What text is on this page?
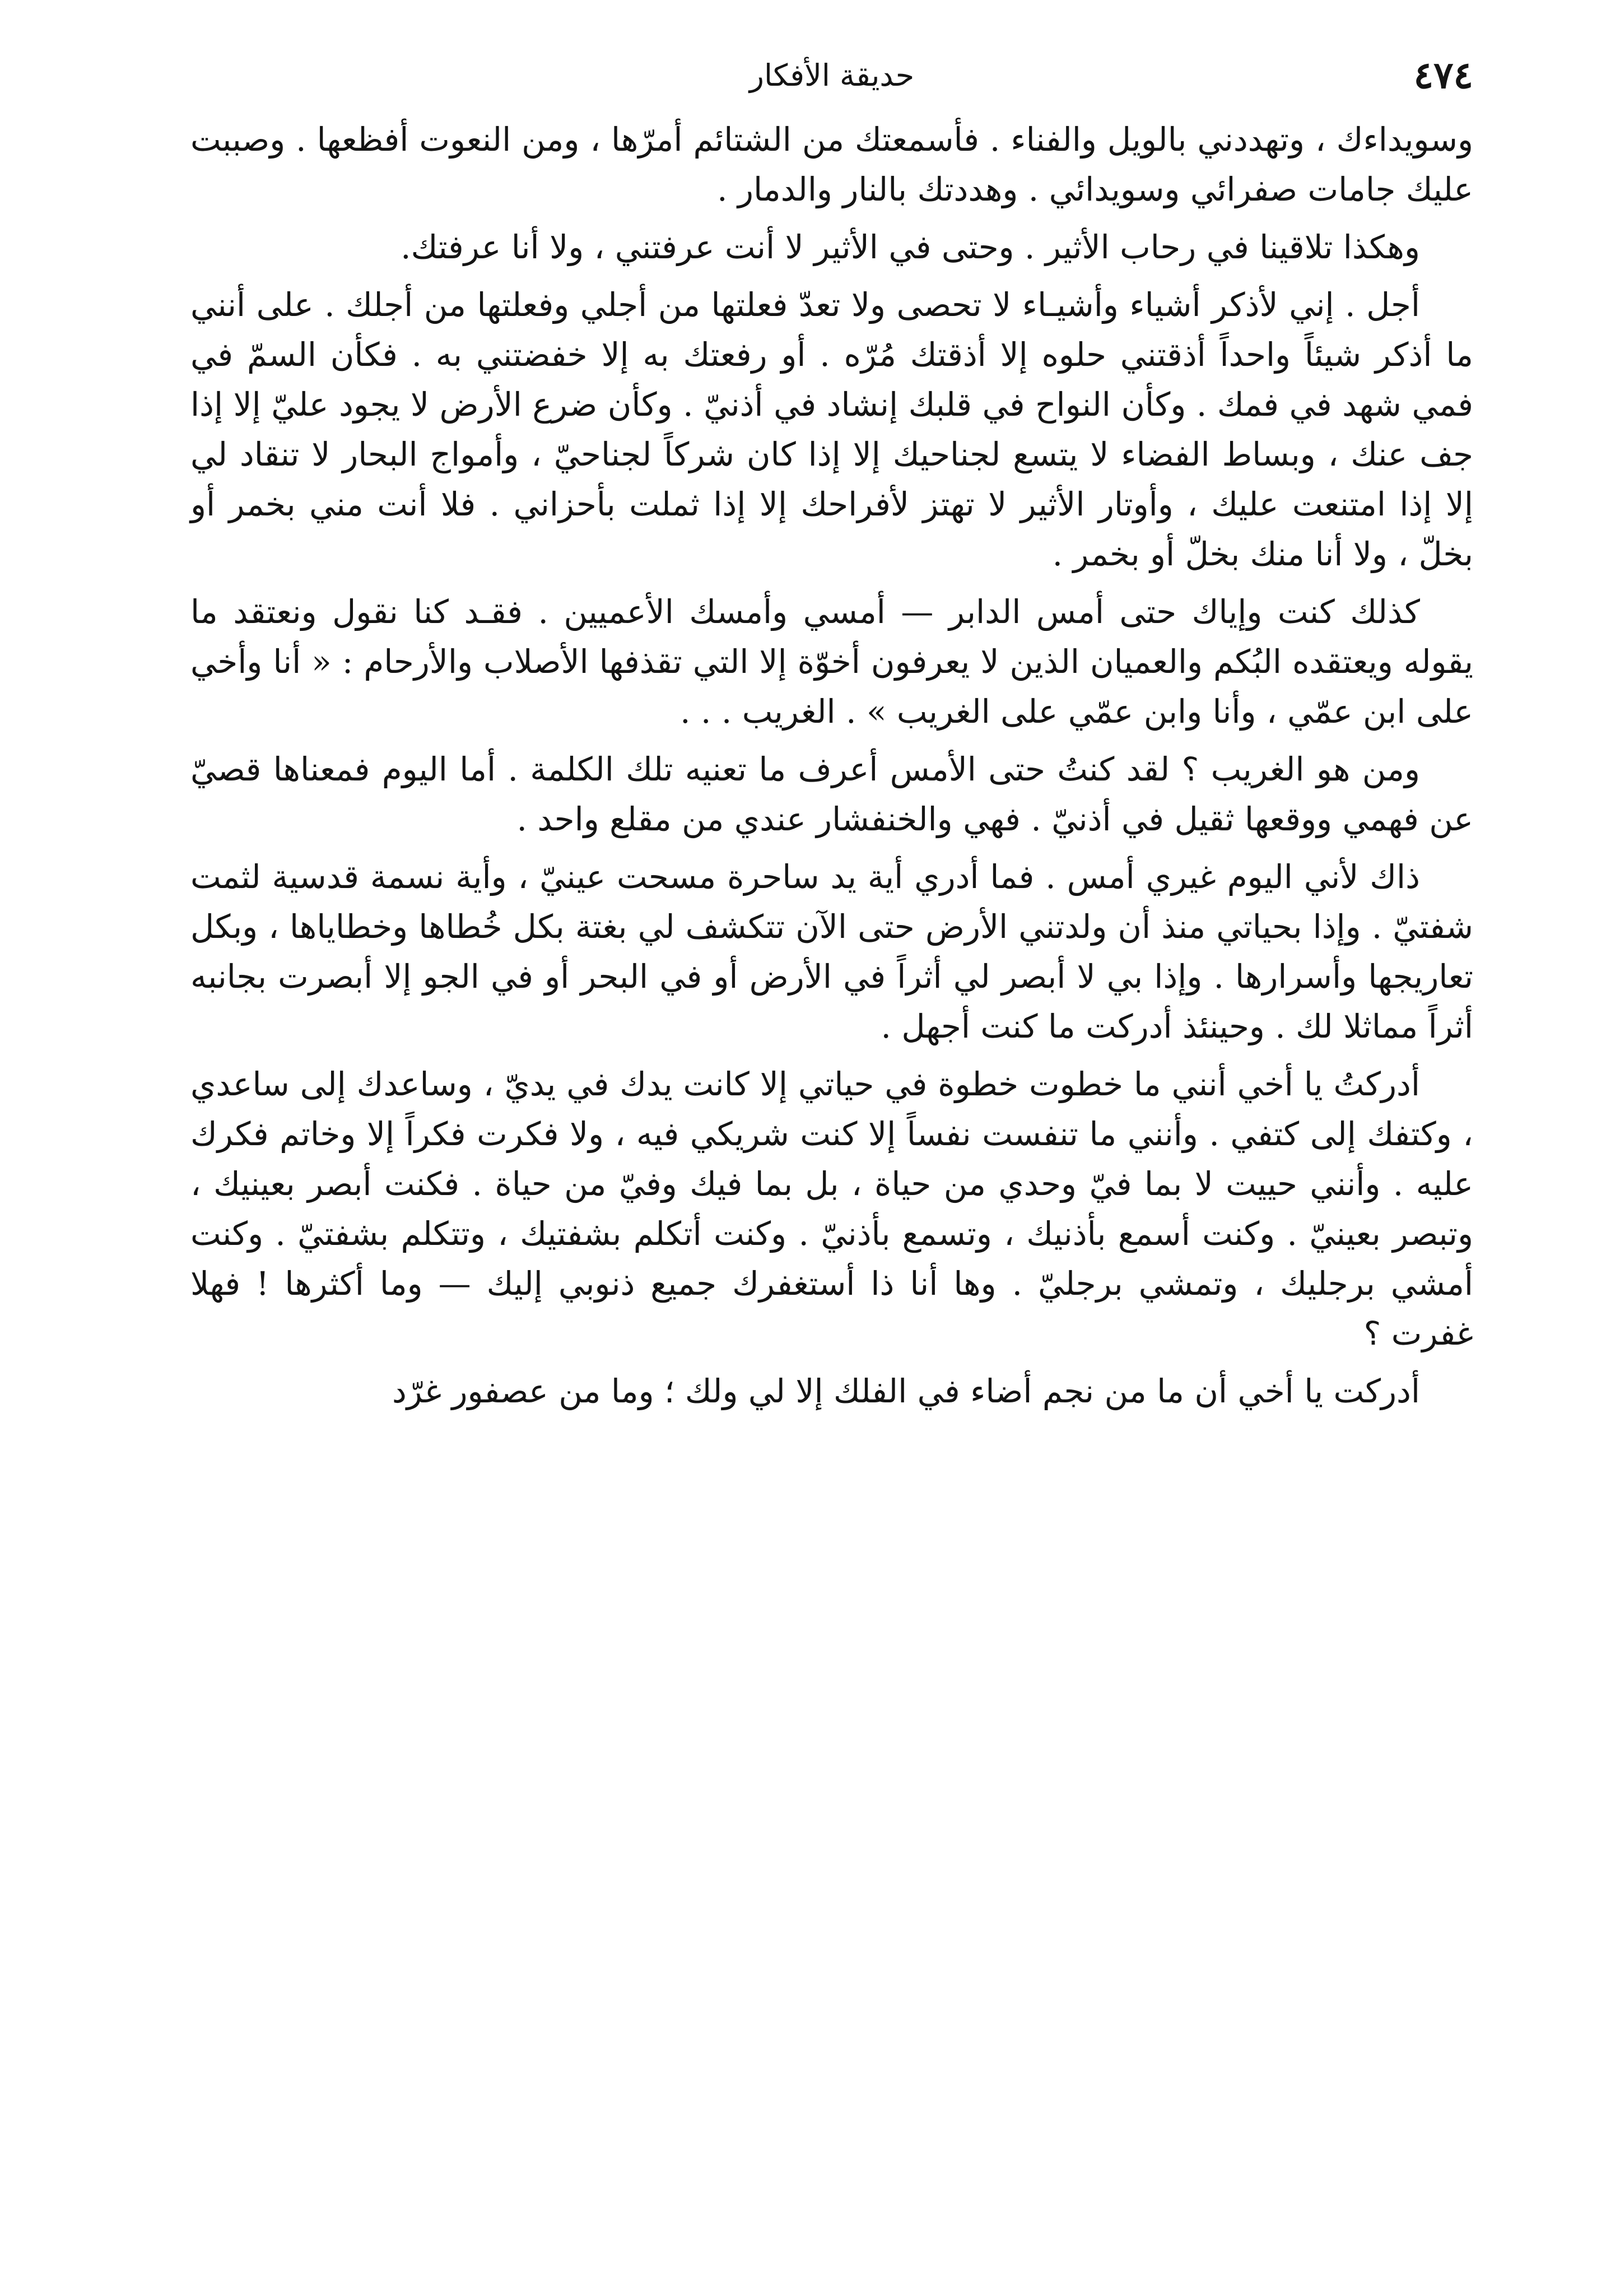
٤٧٤
حديقة الأفكار

وسويداءك ، وتهددني بالويل والفناء . فأسمعتك من الشتائم أمرّها ، ومن النعوت أفظعها . وصببت عليك جامات صفرائي وسويدائي . وهددتك بالنار والدمار .

وهكذا تلاقينا في رحاب الأثير . وحتى في الأثير لا أنت عرفتني ، ولا أنا عرفتك.

أجل . إني لأذكر أشياء وأشيـاء لا تحصى ولا تعدّ فعلتها من أجلي وفعلتها من أجلك . على أنني ما أذكر شيئاً واحداً أذقتني حلوه إلا أذقتك مُرّه . أو رفعتك به إلا خفضتني به . فكأن السمّ في فمي شهد في فمك . وكأن النواح في قلبك إنشاد في أذنيّ . وكأن ضرع الأرض لا يجود عليّ إلا إذا جف عنك ، وبساط الفضاء لا يتسع لجناحيك إلا إذا كان شركاً لجناحيّ ، وأمواج البحار لا تنقاد لي إلا إذا امتنعت عليك ، وأوتار الأثير لا تهتز لأفراحك إلا إذا ثملت بأحزاني . فلا أنت مني بخمر أو بخلّ ، ولا أنا منك بخلّ أو بخمر .

كذلك كنت وإياك حتى أمس الدابر — أمسي وأمسك الأعميين . فقـد كنا نقول ونعتقد ما يقوله ويعتقده البُكم والعميان الذين لا يعرفون أخوّة إلا التي تقذفها الأصلاب والأرحام : « أنا وأخي على ابن عمّي ، وأنا وابن عمّي على الغريب » . الغريب . . .

ومن هو الغريب ؟ لقد كنتُ حتى الأمس أعرف ما تعنيه تلك الكلمة . أما اليوم فمعناها قصيّ عن فهمي ووقعها ثقيل في أذنيّ . فهي والخنفشار عندي من مقلع واحد .

ذاك لأني اليوم غيري أمس . فما أدري أية يد ساحرة مسحت عينيّ ، وأية نسمة قدسية لثمت شفتيّ . وإذا بحياتي منذ أن ولدتني الأرض حتى الآن تتكشف لي بغتة بكل خُطاها وخطاياها ، وبكل تعاريجها وأسرارها . وإذا بي لا أبصر لي أثراً في الأرض أو في البحر أو في الجو إلا أبصرت بجانبه أثراً مماثلا لك . وحينئذ أدركت ما كنت أجهل .

أدركتُ يا أخي أنني ما خطوت خطوة في حياتي إلا كانت يدك في يديّ ، وساعدك إلى ساعدي ، وكتفك إلى كتفي . وأنني ما تنفست نفساً إلا كنت شريكي فيه ، ولا فكرت فكراً إلا وخاتم فكرك عليه . وأنني حييت لا بما فيّ وحدي من حياة ، بل بما فيك وفيّ من حياة . فكنت أبصر بعينيك ، وتبصر بعينيّ . وكنت أسمع بأذنيك ، وتسمع بأذنيّ . وكنت أتكلم بشفتيك ، وتتكلم بشفتيّ . وكنت أمشي برجليك ، وتمشي برجليّ . وها أنا ذا أستغفرك جميع ذنوبي إليك — وما أكثرها ! فهلا غفرت ؟

أدركت يا أخي أن ما من نجم أضاء في الفلك إلا لي ولك ؛ وما من عصفور غرّد
